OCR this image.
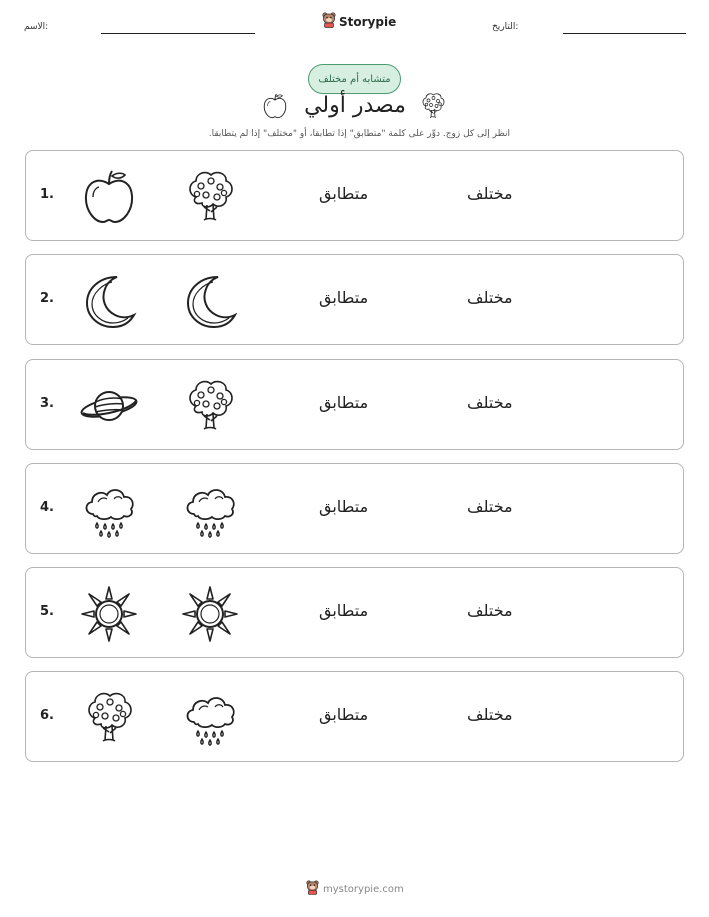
الاسم:	Storypie	التاريخ:
متشابه أم مختلف
مصدر أولي
انظر إلى كل زوج. دوِّر على كلمة "متطابق" إذا تطابقا، أو "مختلف" إذا لم يتطابقا.
1.	متطابق	مختلف
2.	متطابق	مختلف
3.	متطابق	مختلف
4.	متطابق	مختلف
5.	متطابق	مختلف
6.	متطابق	مختلف
mystorypie.com
